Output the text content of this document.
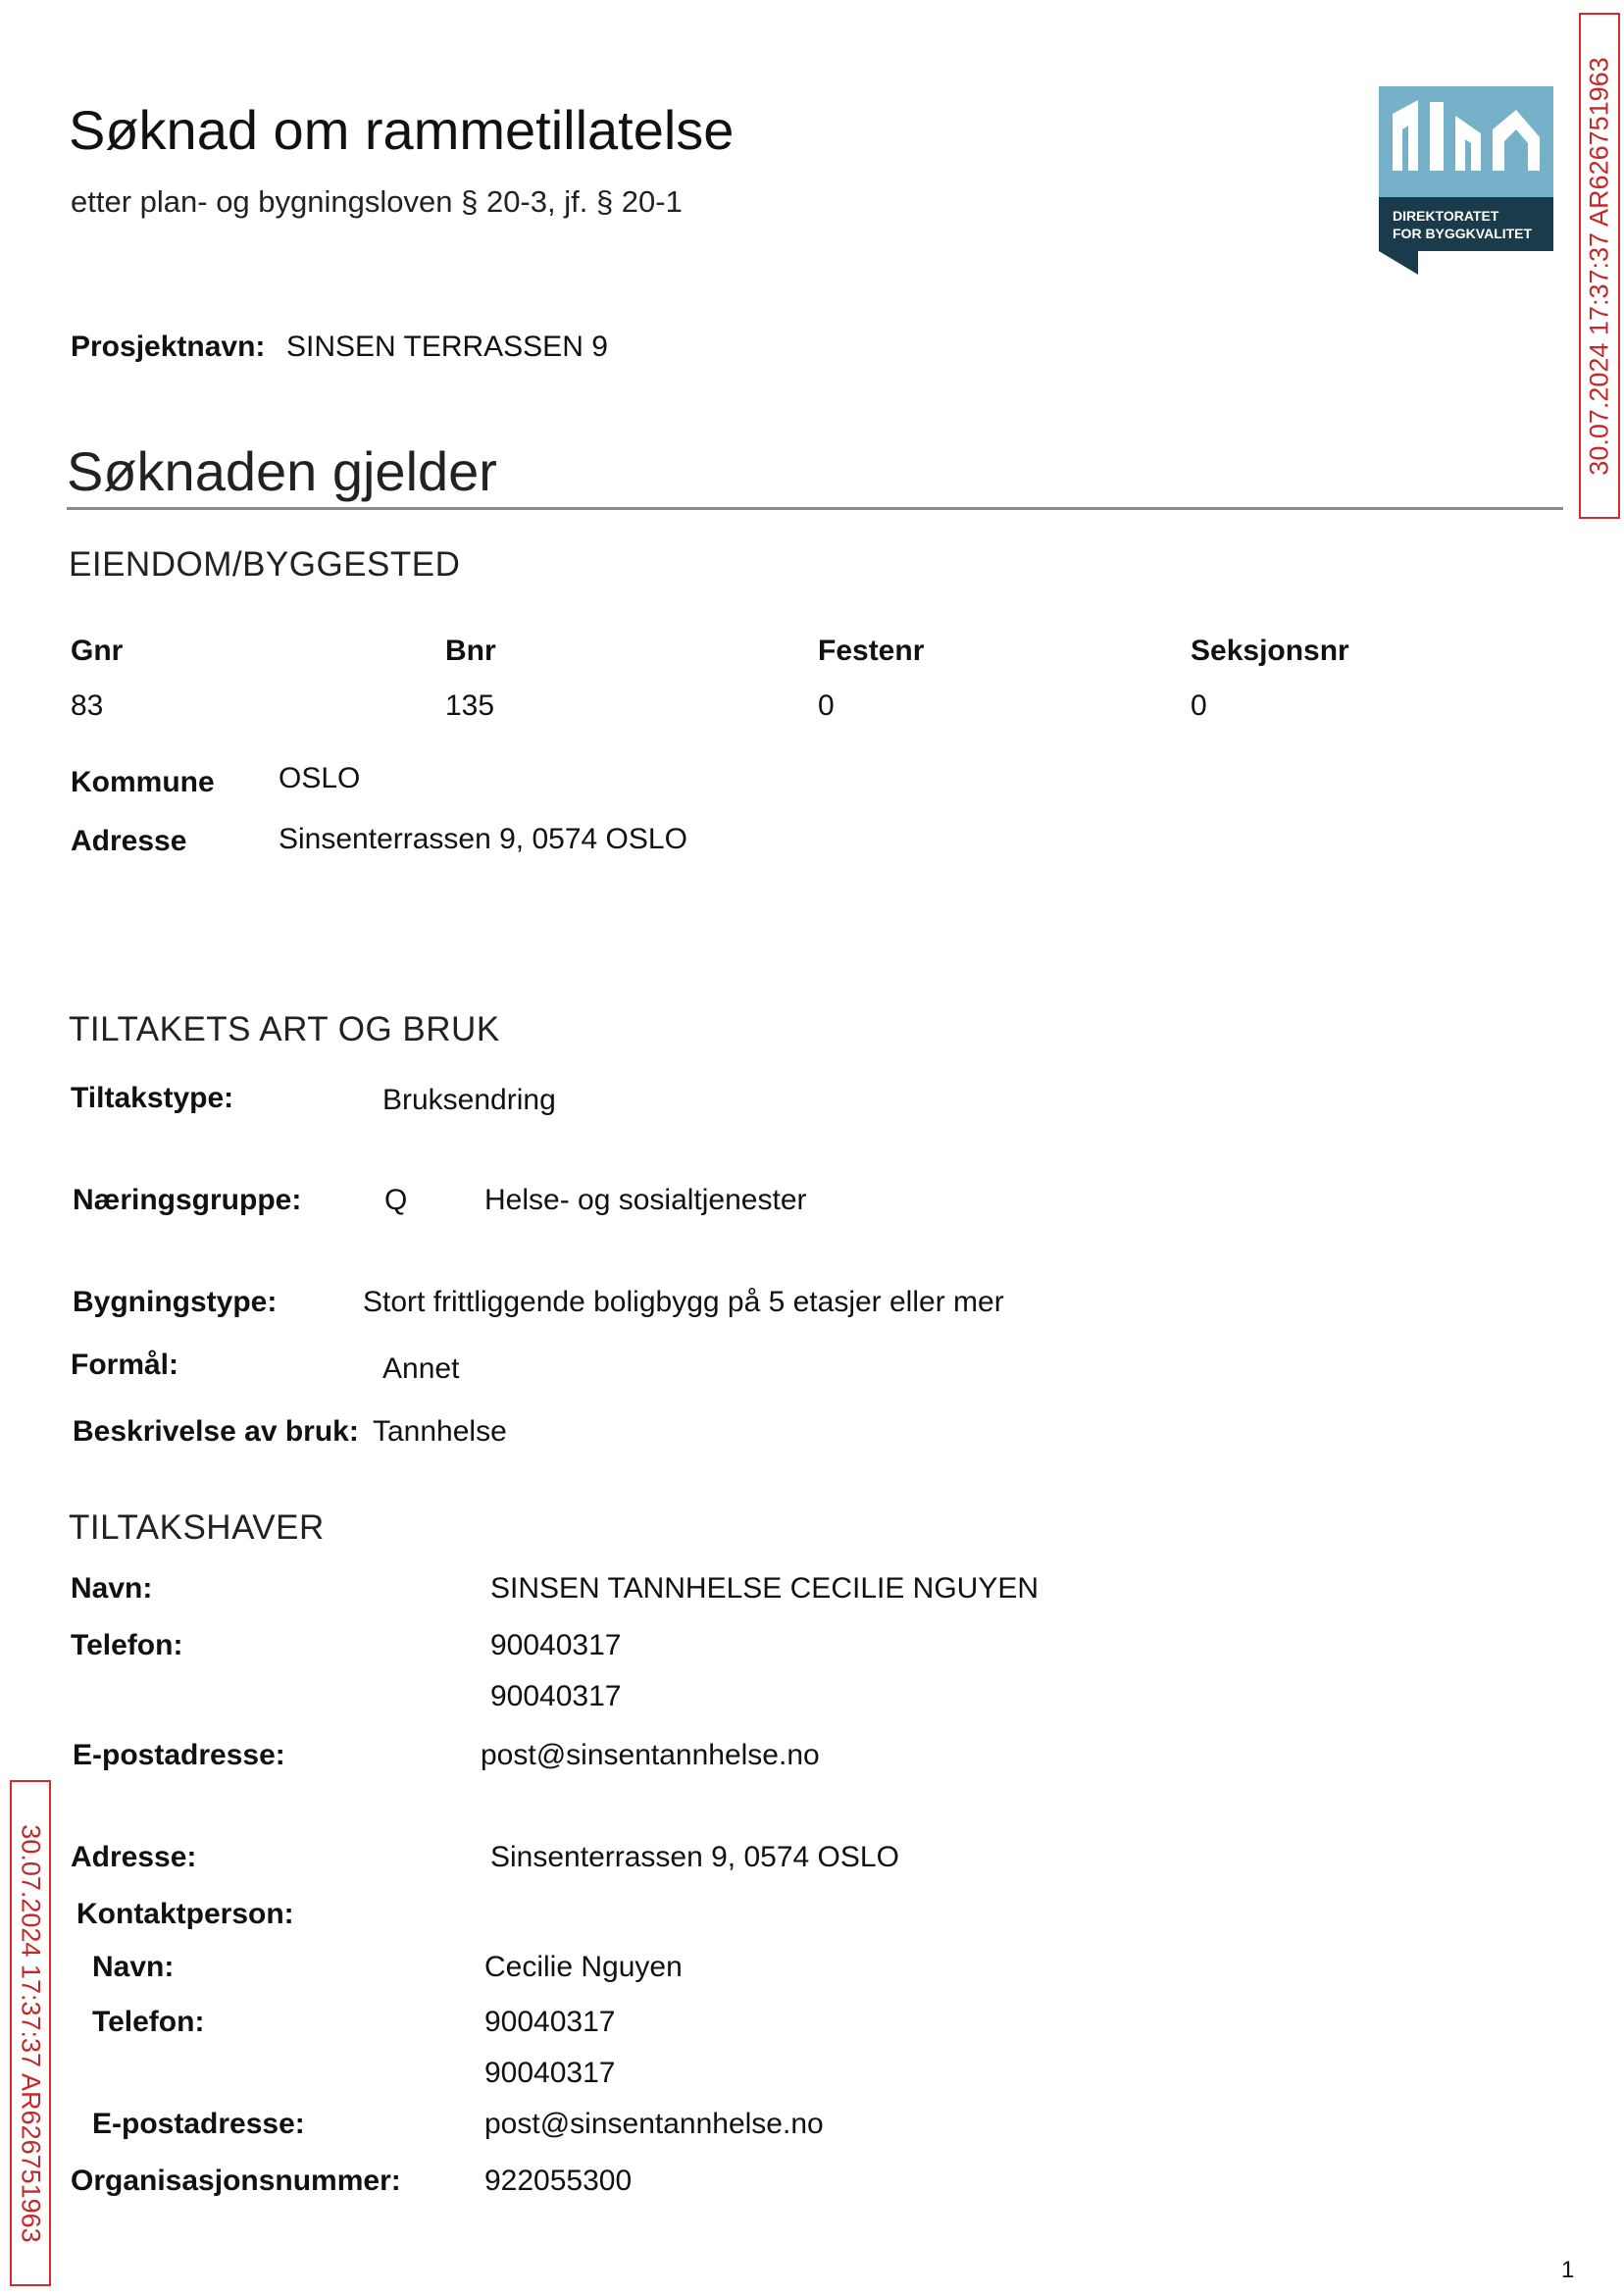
Søknad om rammetillatelse
etter plan- og bygningsloven § 20-3, jf. § 20-1	DIREKTORATET
FOR BYGGKVALITET 30.07.2024 17:37:37 AR626751963
Prosjektnavn: SINSEN TERRASSEN 9
Søknaden gjelder
EIENDOM/BYGGESTED
Gnr	Bnr	Festenr	Seksjonsnr
83	135	0	0
Kommune OSLO
Adresse	Sinsenterrassen 9, 0574 OSLO
TILTAKETS ART OG BRUK
Tiltakstype:	Bruksendring
Næringsgruppe:	Q	Helse- og sosialtjenester
Bygningstype:	Stort frittliggende boligbygg på 5 etasjer eller mer
Formål:	Annet
Beskrivelse av bruk: Tannhelse
TILTAKSHAVER
Navn:	SINSEN TANNHELSE CECILIE NGUYEN
Telefon:	90040317
90040317
E-postadresse:	post@sinsentannhelse.no
Adresse:	Sinsenterrassen 9, 0574 OSLO
Kontaktperson:
Navn:	Cecilie Nguyen
Telefon:	90040317
90040317
E-postadresse:	post@sinsentannhelse.no
Organisasjonsnummer:	922055300
30.07.2024 17:37:37 AR626751963
1
